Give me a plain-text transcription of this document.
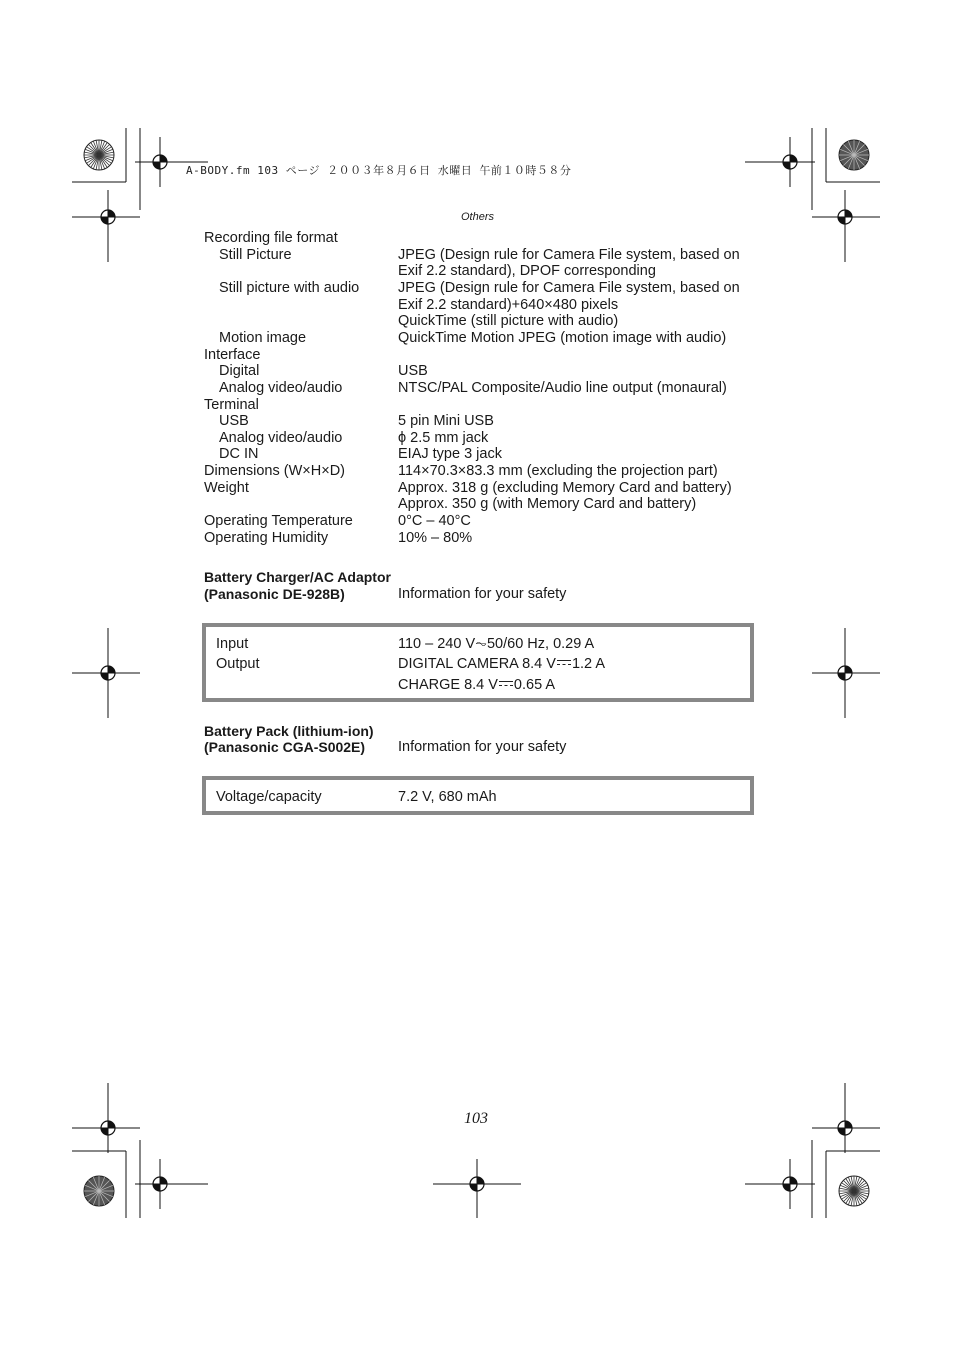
A-BODY.fm 103 ページ ２００３年８月６日 水曜日 午前１０時５８分
Others
Recording file format
Still Picture	JPEG (Design rule for Camera File system, based on
Exif 2.2 standard), DPOF corresponding
Still picture with audio	JPEG (Design rule for Camera File system, based on
Exif 2.2 standard)+640×480 pixels
QuickTime (still picture with audio)
Motion image	QuickTime Motion JPEG (motion image with audio)
Interface
Digital	USB
Analog video/audio	NTSC/PAL Composite/Audio line output (monaural)
Terminal
USB	5 pin Mini USB
Analog video/audio	ϕ 2.5 mm jack
DC IN	EIAJ type 3 jack
Dimensions (W×H×D)	114×70.3×83.3 mm (excluding the projection part)
Weight	Approx. 318 g (excluding Memory Card and battery)
Approx. 350 g (with Memory Card and battery)
Operating Temperature	0°C – 40°C
Operating Humidity	10% – 80%
Battery Charger/AC Adaptor
(Panasonic DE-928B)	Information for your safety
Input	110 – 240 V⏦50/60 Hz, 0.29 A
Output	DIGITAL CAMERA 8.4 V 1.2 A
CHARGE 8.4 V 0.65 A
Battery Pack (lithium-ion)
(Panasonic CGA-S002E) Information for your safety
Voltage/capacity	7.2 V, 680 mAh
103
